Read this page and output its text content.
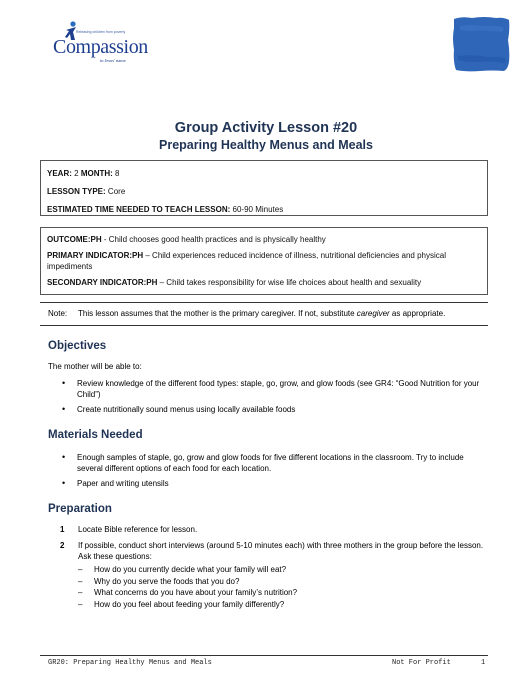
Releasing children from poverty
Compassion
in Jesus' name
Group Activity Lesson #20
Preparing Healthy Menus and Meals
YEAR: 2 MONTH: 8
LESSON TYPE: Core
ESTIMATED TIME NEEDED TO TEACH LESSON: 60-90 Minutes
OUTCOME:PH - Child chooses good health practices and is physically healthy
PRIMARY INDICATOR:PH – Child experiences reduced incidence of illness, nutritional deficiencies and physical impediments
SECONDARY INDICATOR:PH – Child takes responsibility for wise life choices about health and sexuality
Note: This lesson assumes that the mother is the primary caregiver. If not, substitute caregiver as appropriate.
Objectives
The mother will be able to:
• Review knowledge of the different food types: staple, go, grow, and glow foods (see GR4: “Good Nutrition for your Child”)
• Create nutritionally sound menus using locally available foods
Materials Needed
• Enough samples of staple, go, grow and glow foods for five different locations in the classroom. Try to include several different options of each food for each location.
• Paper and writing utensils
Preparation
1 Locate Bible reference for lesson.
2 If possible, conduct short interviews (around 5-10 minutes each) with three mothers in the group before the lesson. Ask these questions:
– How do you currently decide what your family will eat?
– Why do you serve the foods that you do?
– What concerns do you have about your family’s nutrition?
– How do you feel about feeding your family differently?
GR20: Preparing Healthy Menus and Meals	Not For Profit	1
